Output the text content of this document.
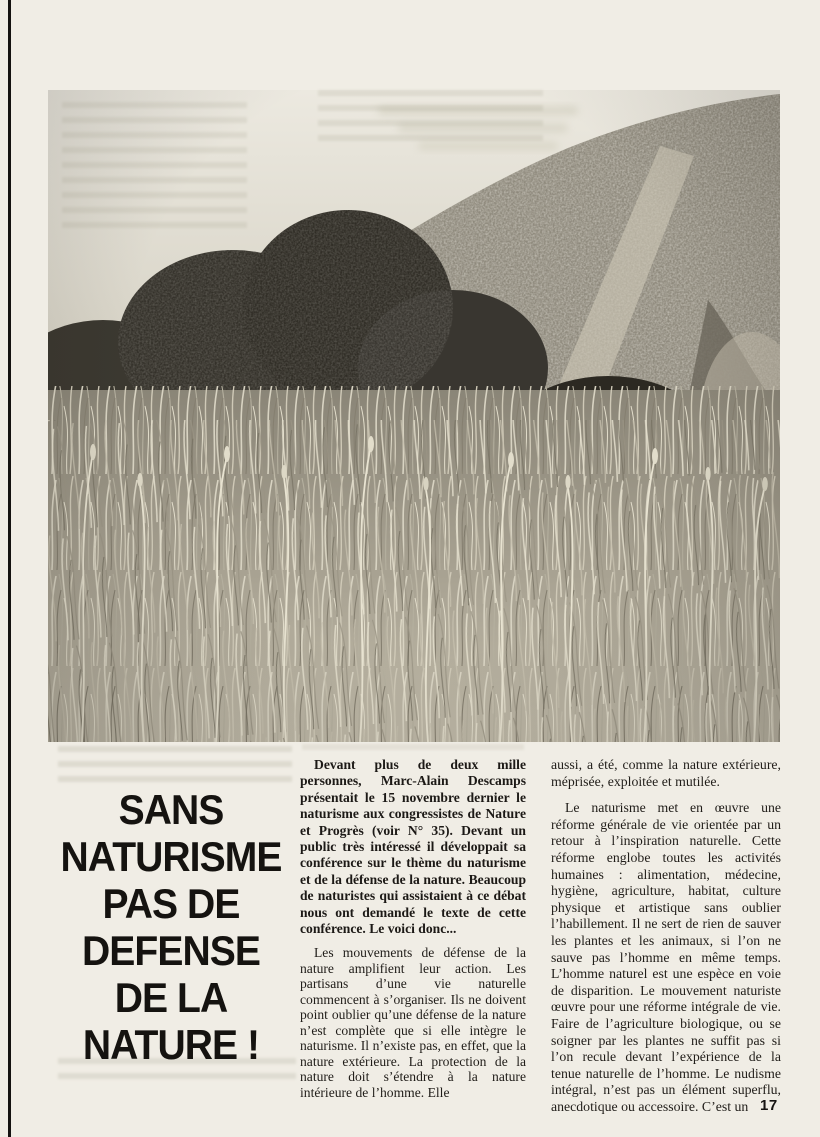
SANS
NATURISME
PAS DE
DEFENSE
DE LA
NATURE !

Devant plus de deux mille personnes, Marc-Alain Descamps présentait le 15 novembre dernier le naturisme aux congressistes de Nature et Progrès (voir N° 35). Devant un public très intéressé il développait sa conférence sur le thème du naturisme et de la défense de la nature. Beaucoup de naturistes qui assistaient à ce débat nous ont demandé le texte de cette conférence. Le voici donc...

Les mouvements de défense de la nature amplifient leur action. Les partisans d’une vie naturelle commencent à s’organiser. Ils ne doivent point oublier qu’une défense de la nature n’est complète que si elle intègre le naturisme. Il n’existe pas, en effet, que la nature extérieure. La protection de la nature doit s’étendre à la nature intérieure de l’homme. Elle

aussi, a été, comme la nature extérieure, méprisée, exploitée et mutilée.

Le naturisme met en œuvre une réforme générale de vie orientée par un retour à l’inspiration naturelle. Cette réforme englobe toutes les activités humaines : alimentation, médecine, hygiène, agriculture, habitat, culture physique et artistique sans oublier l’habillement. Il ne sert de rien de sauver les plantes et les animaux, si l’on ne sauve pas l’homme en même temps. L’homme naturel est une espèce en voie de disparition. Le mouvement naturiste œuvre pour une réforme intégrale de vie. Faire de l’agriculture biologique, ou se soigner par les plantes ne suffit pas si l’on recule devant l’expérience de la tenue naturelle de l’homme. Le nudisme intégral, n’est pas un élément superflu, anecdotique ou accessoire. C’est un 17
